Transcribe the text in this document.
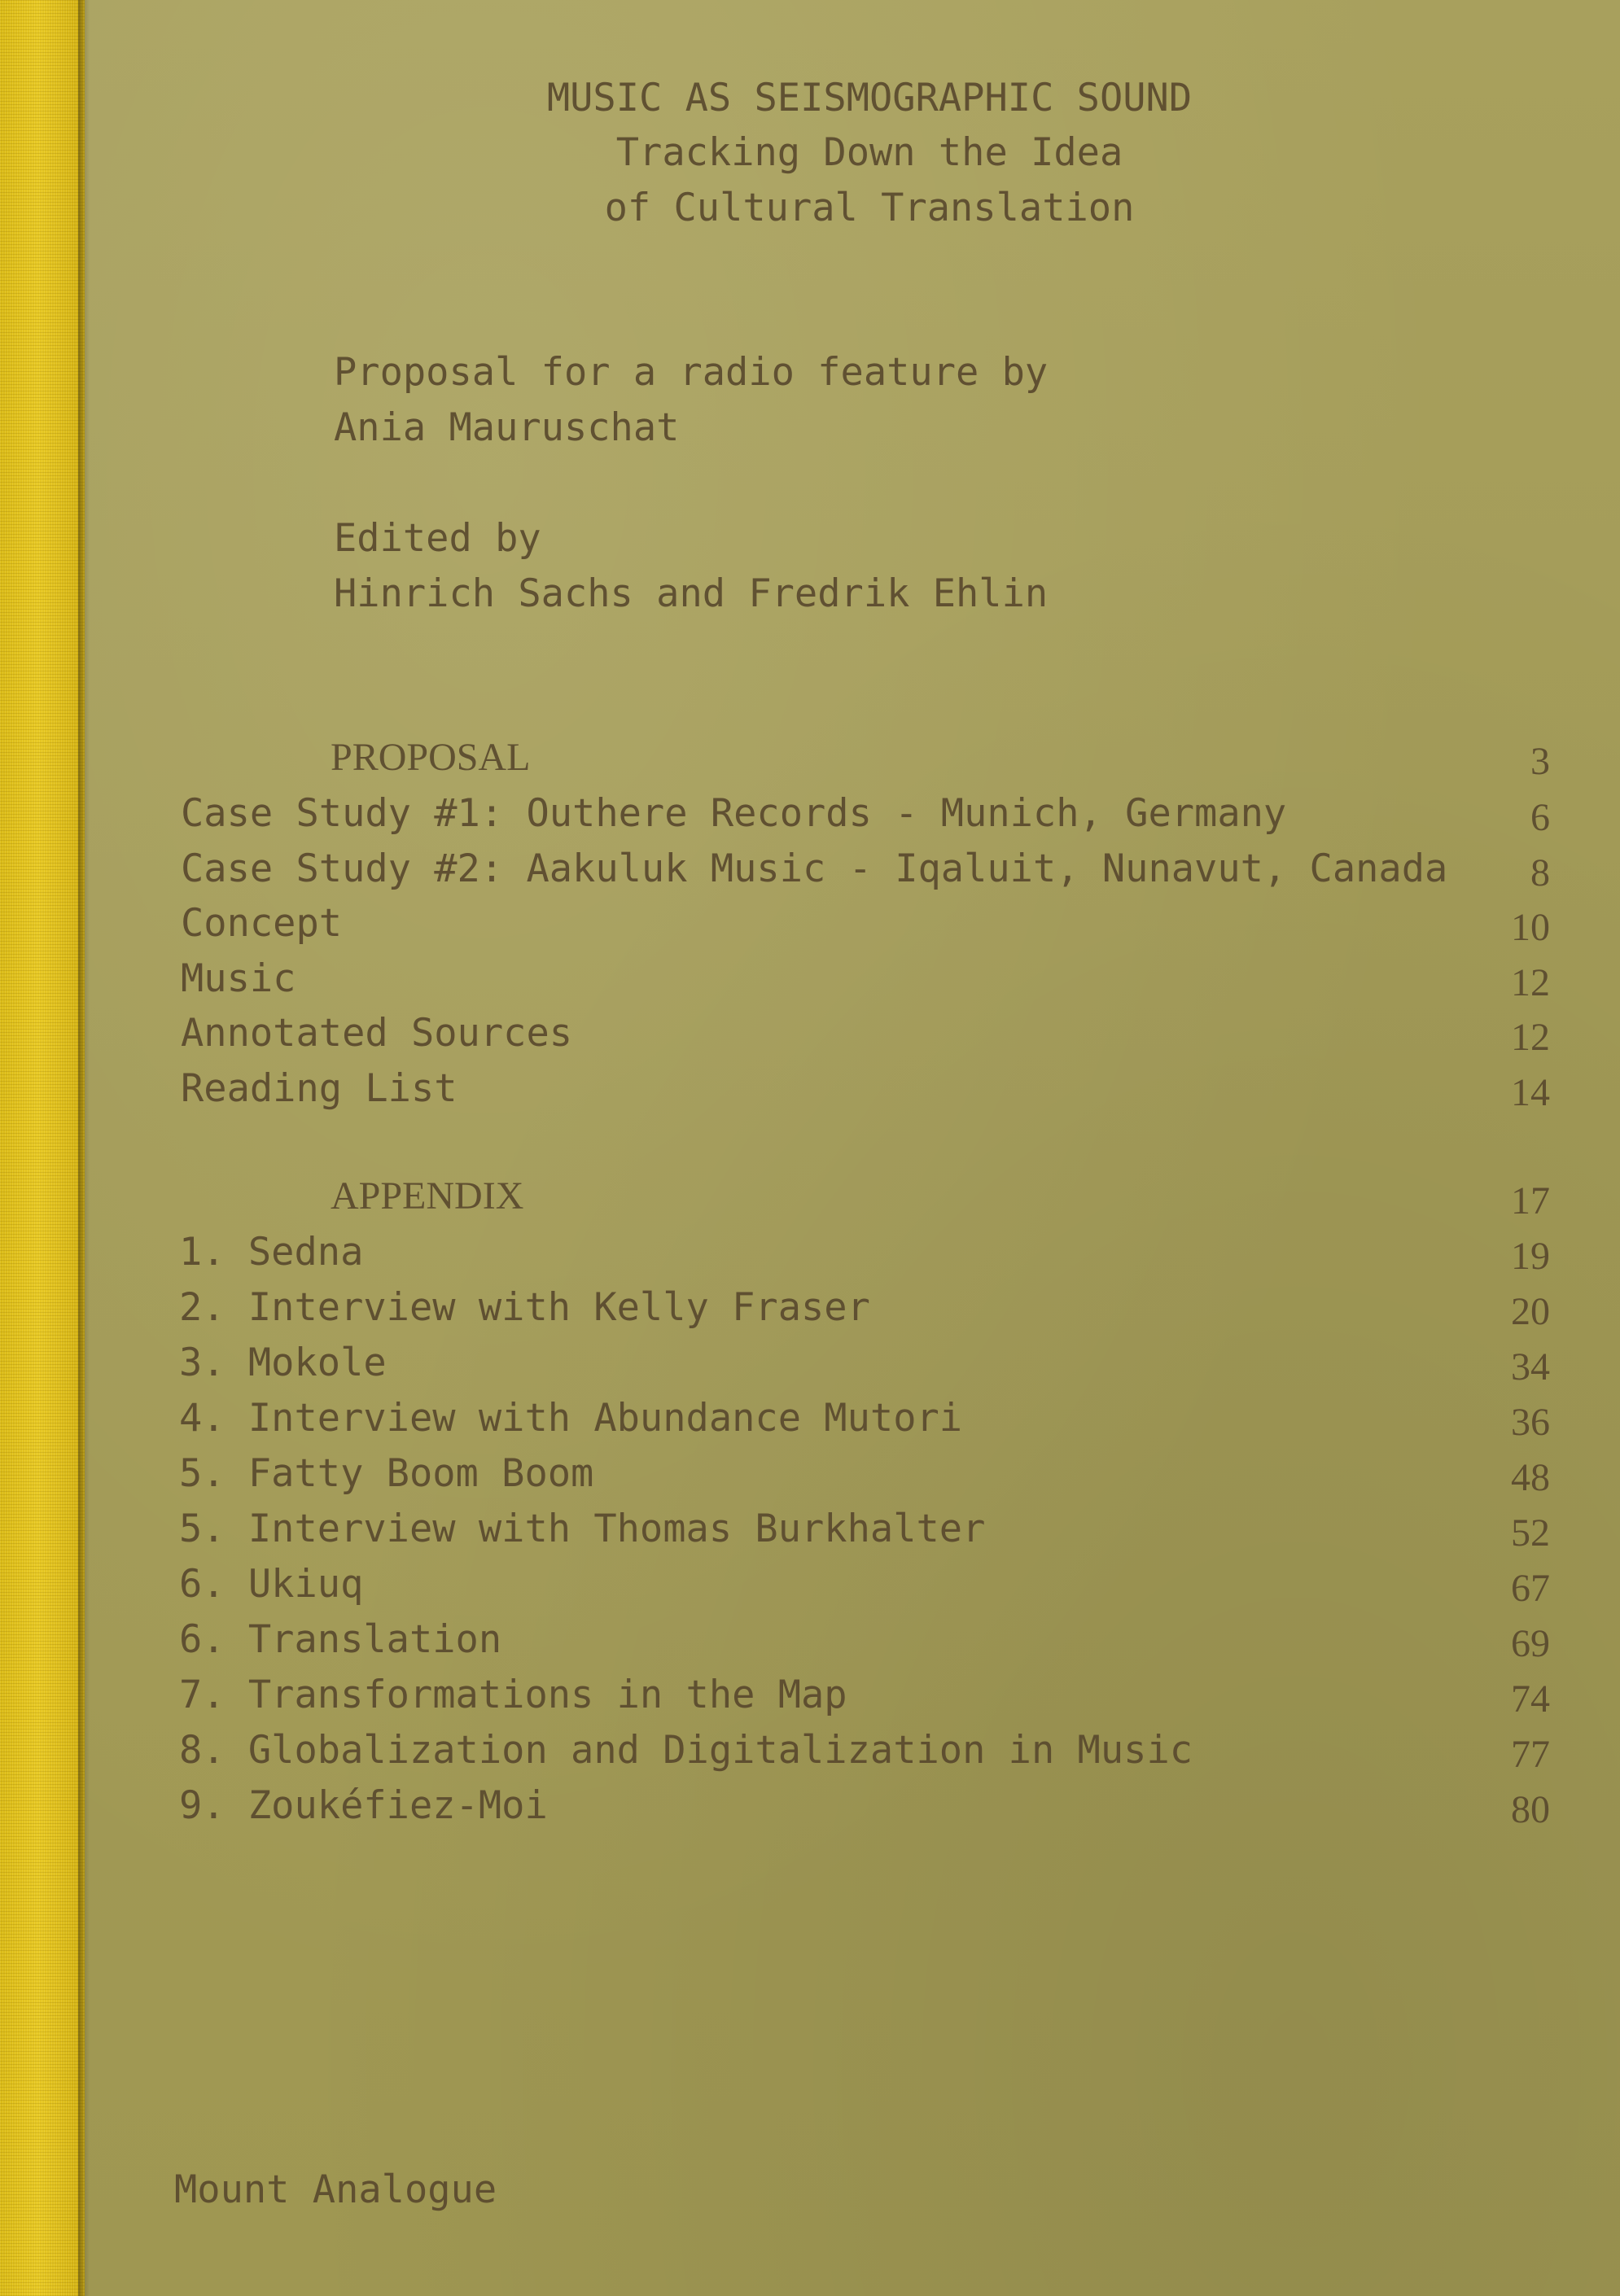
MUSIC AS SEISMOGRAPHIC SOUND

Tracking Down the Idea

of Cultural Translation

Proposal for a radio feature by

Ania Mauruschat

Edited by

Hinrich Sachs and Fredrik Ehlin

PROPOSAL	3

Case Study #1: Outhere Records - Munich, Germany	6

Case Study #2: Aakuluk Music - Iqaluit, Nunavut, Canada	8

Concept	10

Music	12

Annotated Sources	12

Reading List	14

APPENDIX	17

1. Sedna	19

2. Interview with Kelly Fraser	20

3. Mokole	34

4. Interview with Abundance Mutori	36

5. Fatty Boom Boom	48

5. Interview with Thomas Burkhalter	52

6. Ukiuq	67

6. Translation	69

7. Transformations in the Map	74

8. Globalization and Digitalization in Music	77

9. Zoukéfiez-Moi	80

Mount Analogue
